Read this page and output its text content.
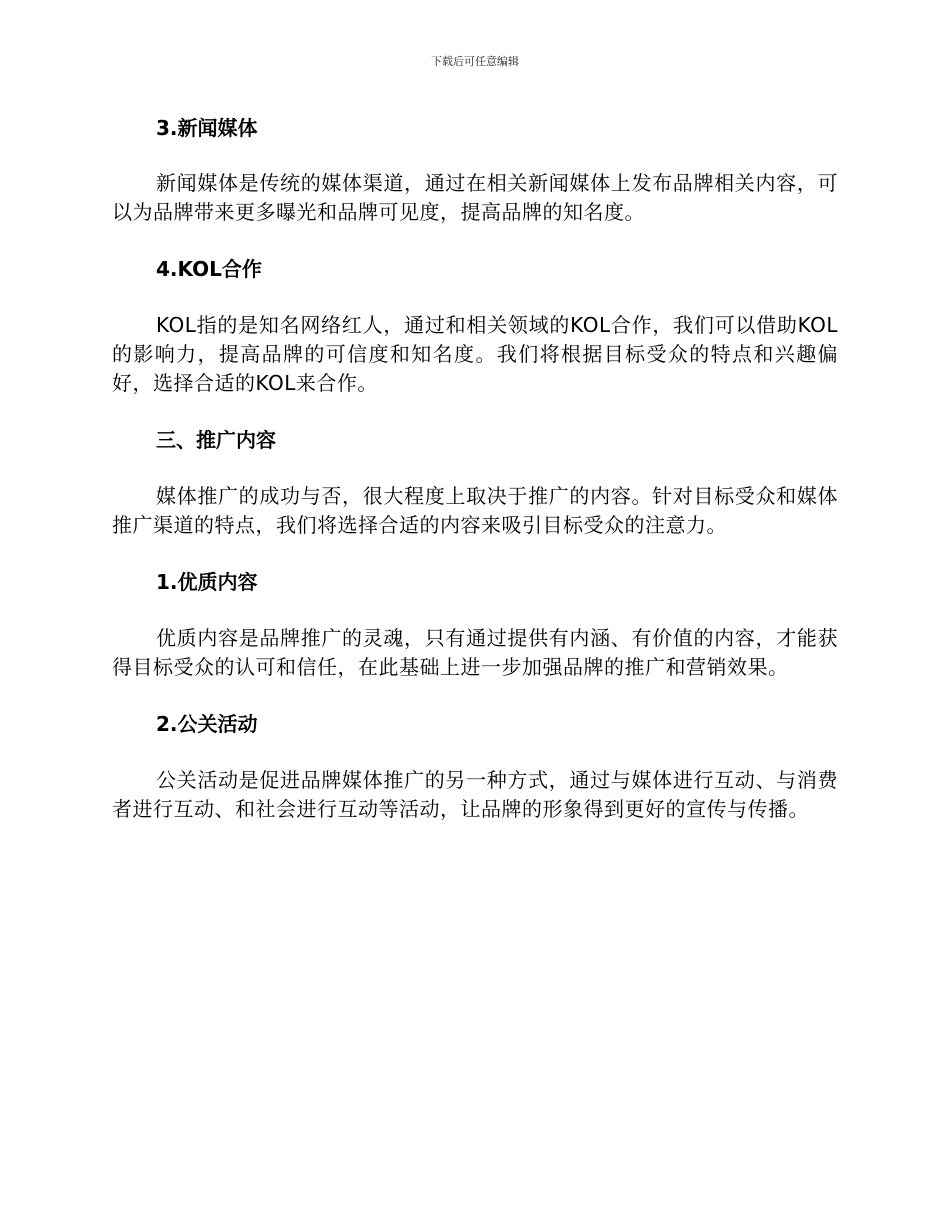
下载后可任意编辑
3.新闻媒体

新闻媒体是传统的媒体渠道，通过在相关新闻媒体上发布品牌相关内容，可以为品牌带来更多曝光和品牌可见度，提高品牌的知名度。

4.KOL合作

KOL指的是知名网络红人，通过和相关领域的KOL合作，我们可以借助KOL的影响力，提高品牌的可信度和知名度。我们将根据目标受众的特点和兴趣偏好，选择合适的KOL来合作。

三、推广内容

媒体推广的成功与否，很大程度上取决于推广的内容。针对目标受众和媒体推广渠道的特点，我们将选择合适的内容来吸引目标受众的注意力。

1.优质内容

优质内容是品牌推广的灵魂，只有通过提供有内涵、有价值的内容，才能获得目标受众的认可和信任，在此基础上进一步加强品牌的推广和营销效果。

2.公关活动

公关活动是促进品牌媒体推广的另一种方式，通过与媒体进行互动、与消费者进行互动、和社会进行互动等活动，让品牌的形象得到更好的宣传与传播。
